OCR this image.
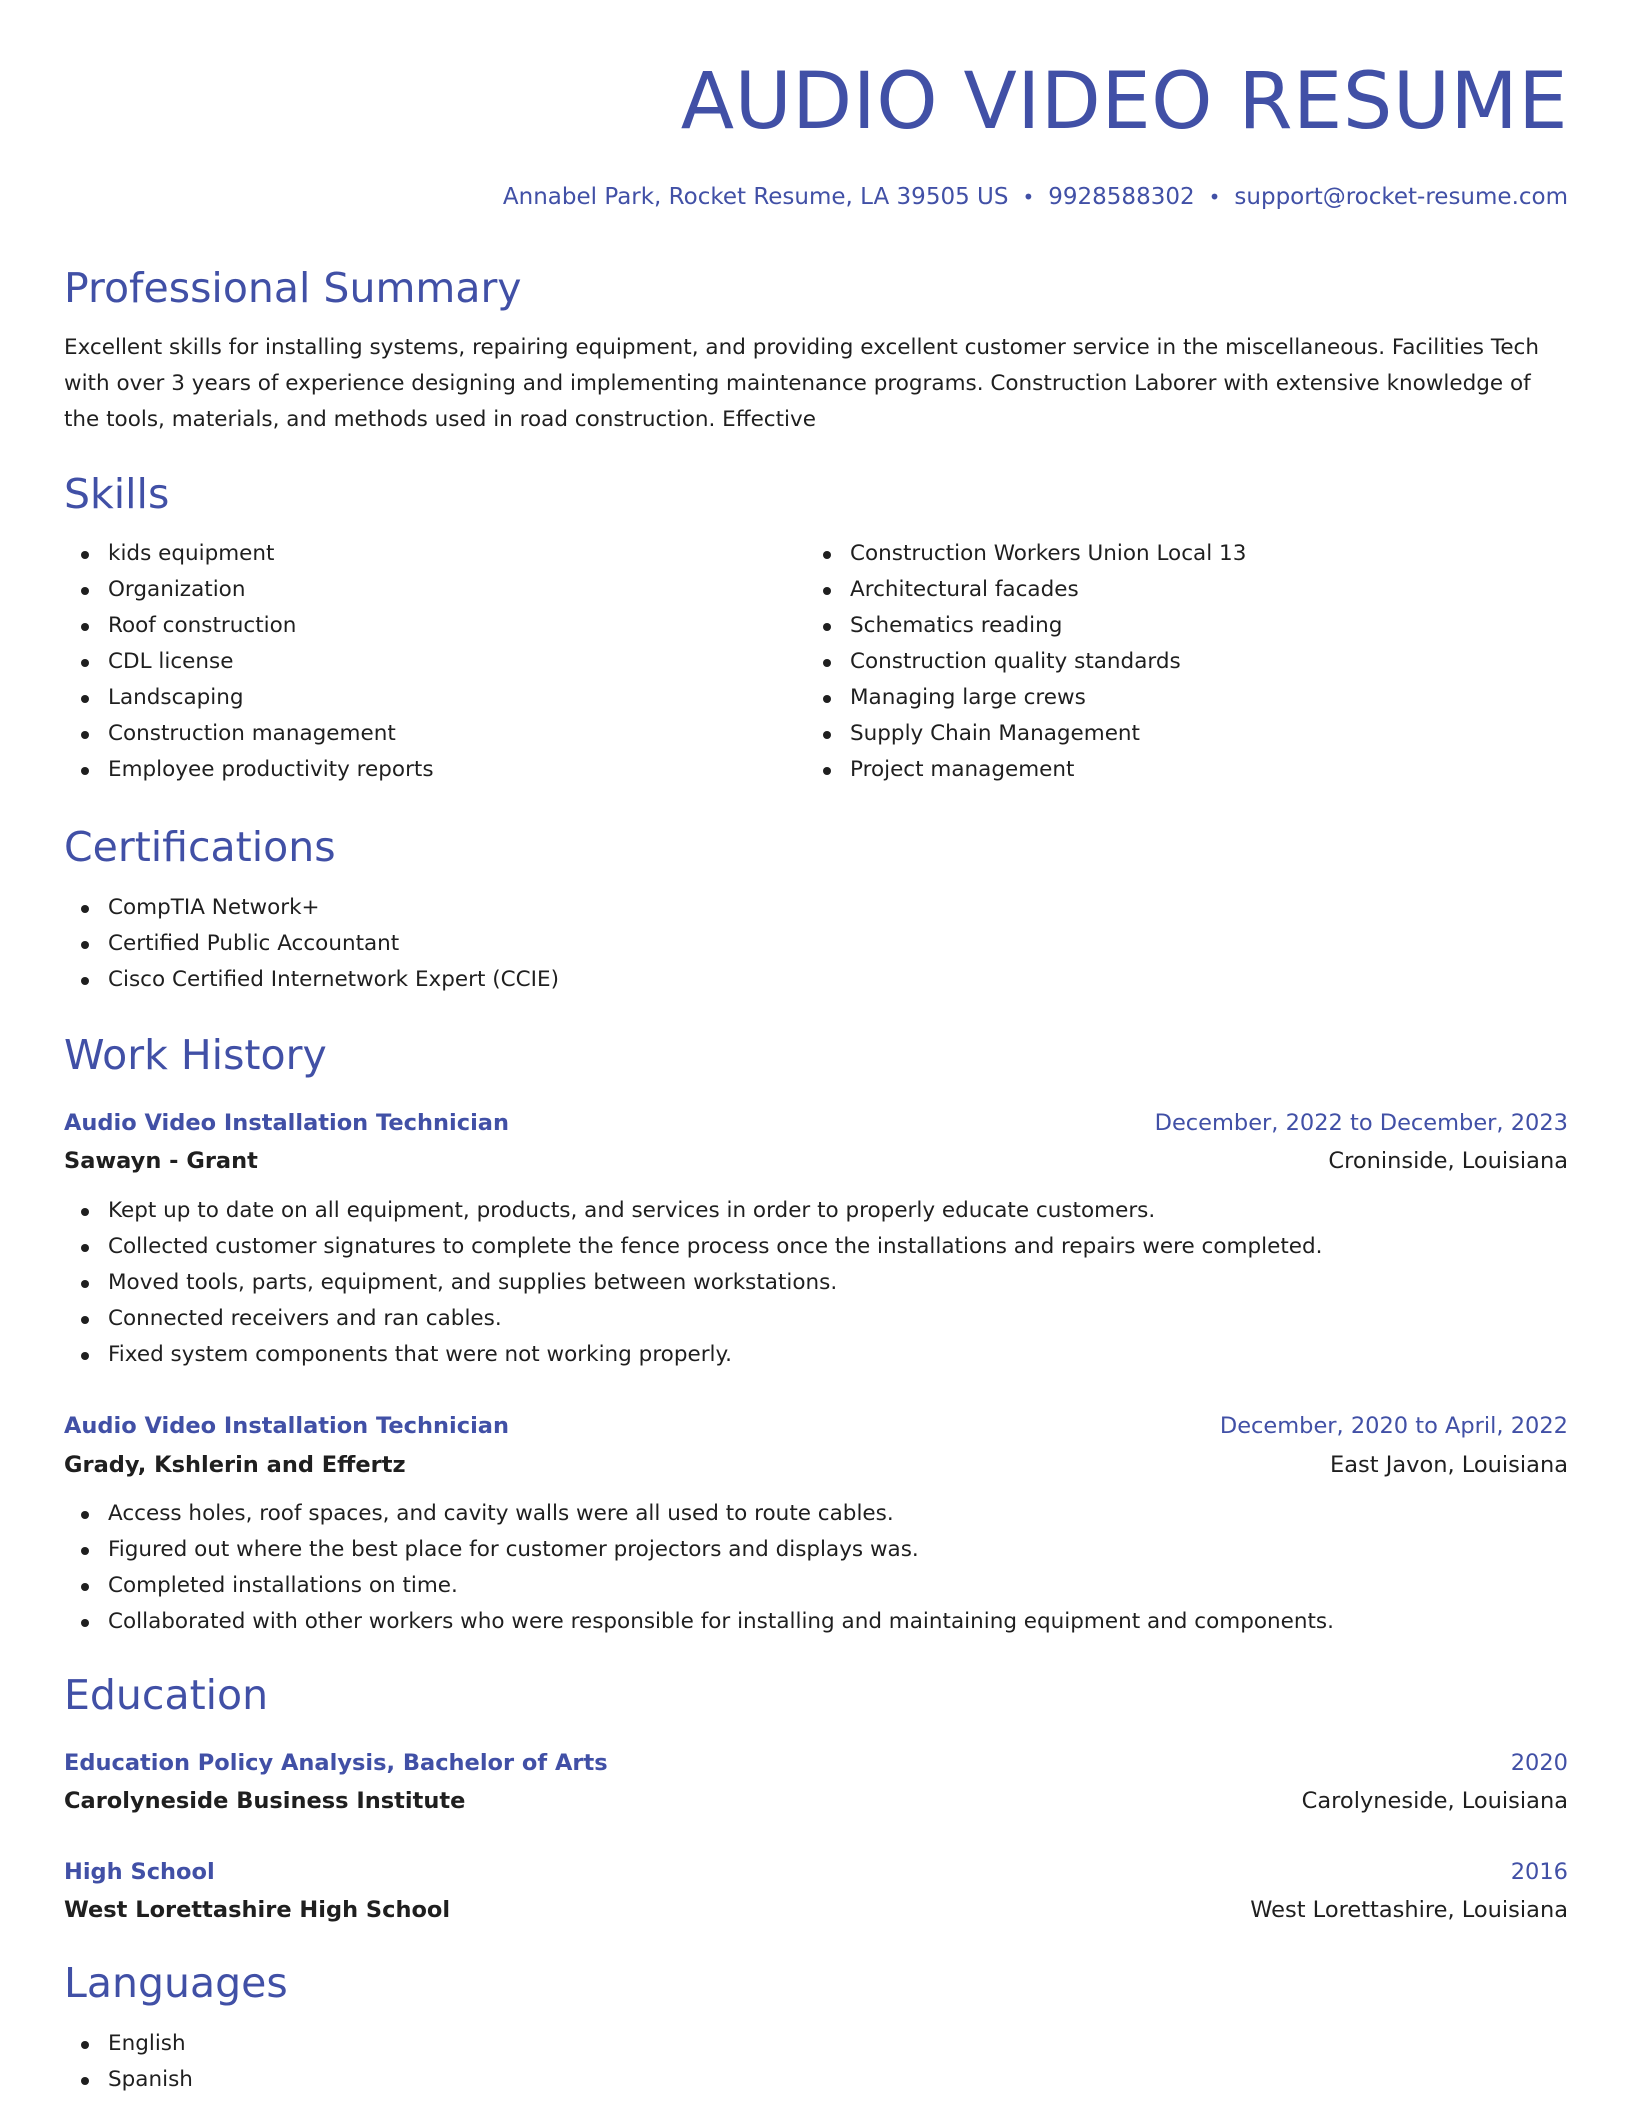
AUDIO VIDEO RESUME
Annabel Park, Rocket Resume, LA 39505 US • 9928588302 • support@rocket-resume.com
Professional Summary

Excellent skills for installing systems, repairing equipment, and providing excellent customer service in the miscellaneous. Facilities Tech with over 3 years of experience designing and implementing maintenance programs. Construction Laborer with extensive knowledge of the tools, materials, and methods used in road construction. Effective

Skills
kids equipment
Organization
Roof construction
CDL license
Landscaping
Construction management
Employee productivity reports
Construction Workers Union Local 13
Architectural facades
Schematics reading
Construction quality standards
Managing large crews
Supply Chain Management
Project management
Certifications
CompTIA Network+
Certified Public Accountant
Cisco Certified Internetwork Expert (CCIE)
Work History
Audio Video Installation Technician	December, 2022 to December, 2023
Sawayn - Grant	Croninside, Louisiana
Kept up to date on all equipment, products, and services in order to properly educate customers.
Collected customer signatures to complete the fence process once the installations and repairs were completed.
Moved tools, parts, equipment, and supplies between workstations.
Connected receivers and ran cables.
Fixed system components that were not working properly.
Audio Video Installation Technician	December, 2020 to April, 2022
Grady, Kshlerin and Effertz	East Javon, Louisiana
Access holes, roof spaces, and cavity walls were all used to route cables.
Figured out where the best place for customer projectors and displays was.
Completed installations on time.
Collaborated with other workers who were responsible for installing and maintaining equipment and components.
Education
Education Policy Analysis, Bachelor of Arts	2020
Carolyneside Business Institute	Carolyneside, Louisiana
High School	2016
West Lorettashire High School	West Lorettashire, Louisiana
Languages
English
Spanish
